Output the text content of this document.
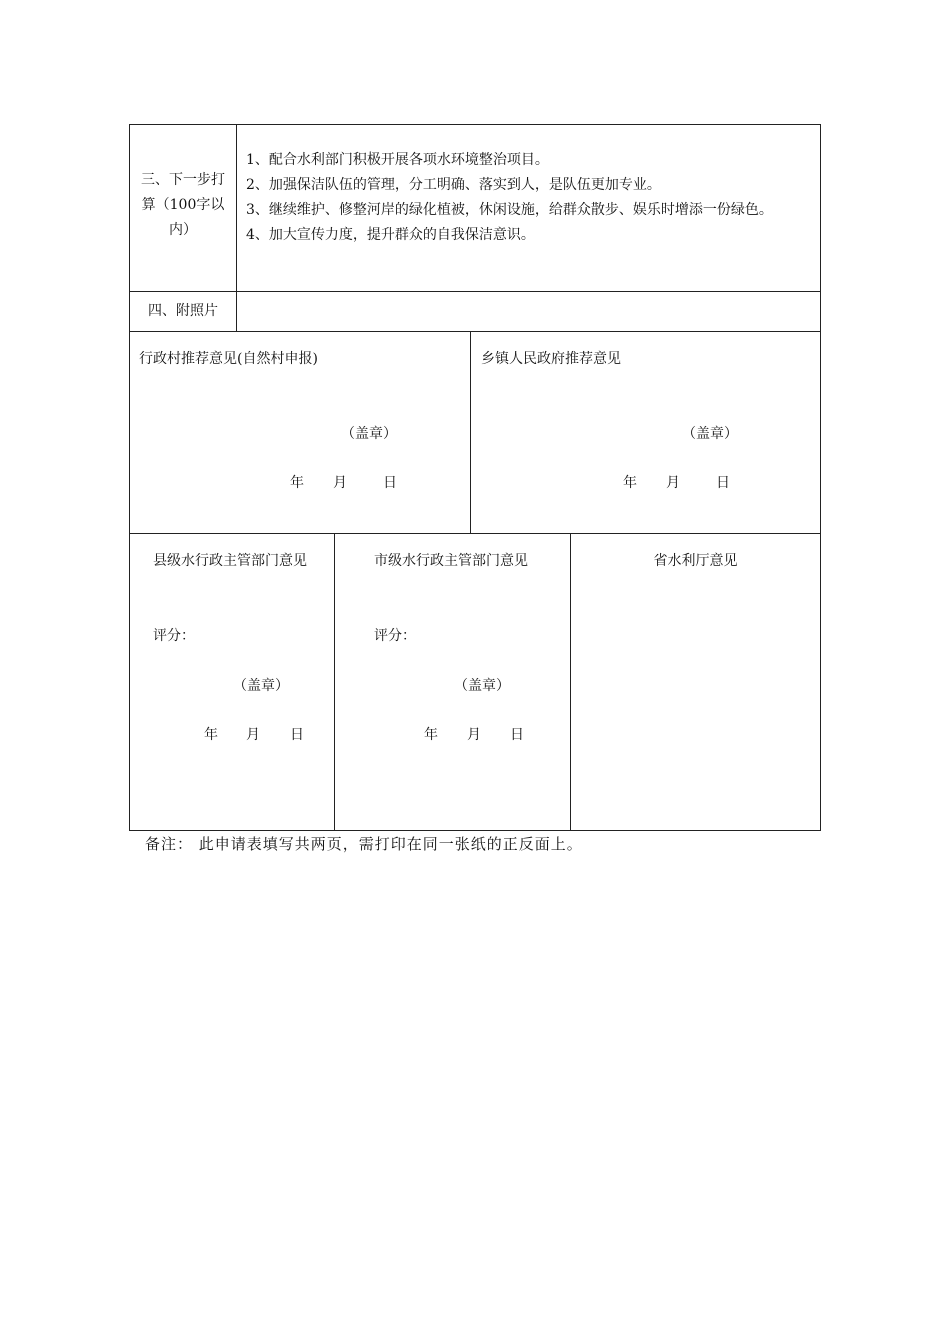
三、下一步打
算（100字以
内）
1、配合水利部门积极开展各项水环境整治项目。
2、加强保洁队伍的管理，分工明确、落实到人，是队伍更加专业。
3、继续维护、修整河岸的绿化植被，休闲设施，给群众散步、娱乐时增添一份绿色。
4、加大宣传力度，提升群众的自我保洁意识。
四、附照片
行政村推荐意见(自然村申报)
（盖章）
年 月	日
乡镇人民政府推荐意见
（盖章）
年 月	日
县级水行政主管部门意见
评分：
（盖章）
年 月 日
市级水行政主管部门意见
评分：
（盖章）
年 月 日
省水利厅意见
备注： 此申请表填写共两页，需打印在同一张纸的正反面上。
